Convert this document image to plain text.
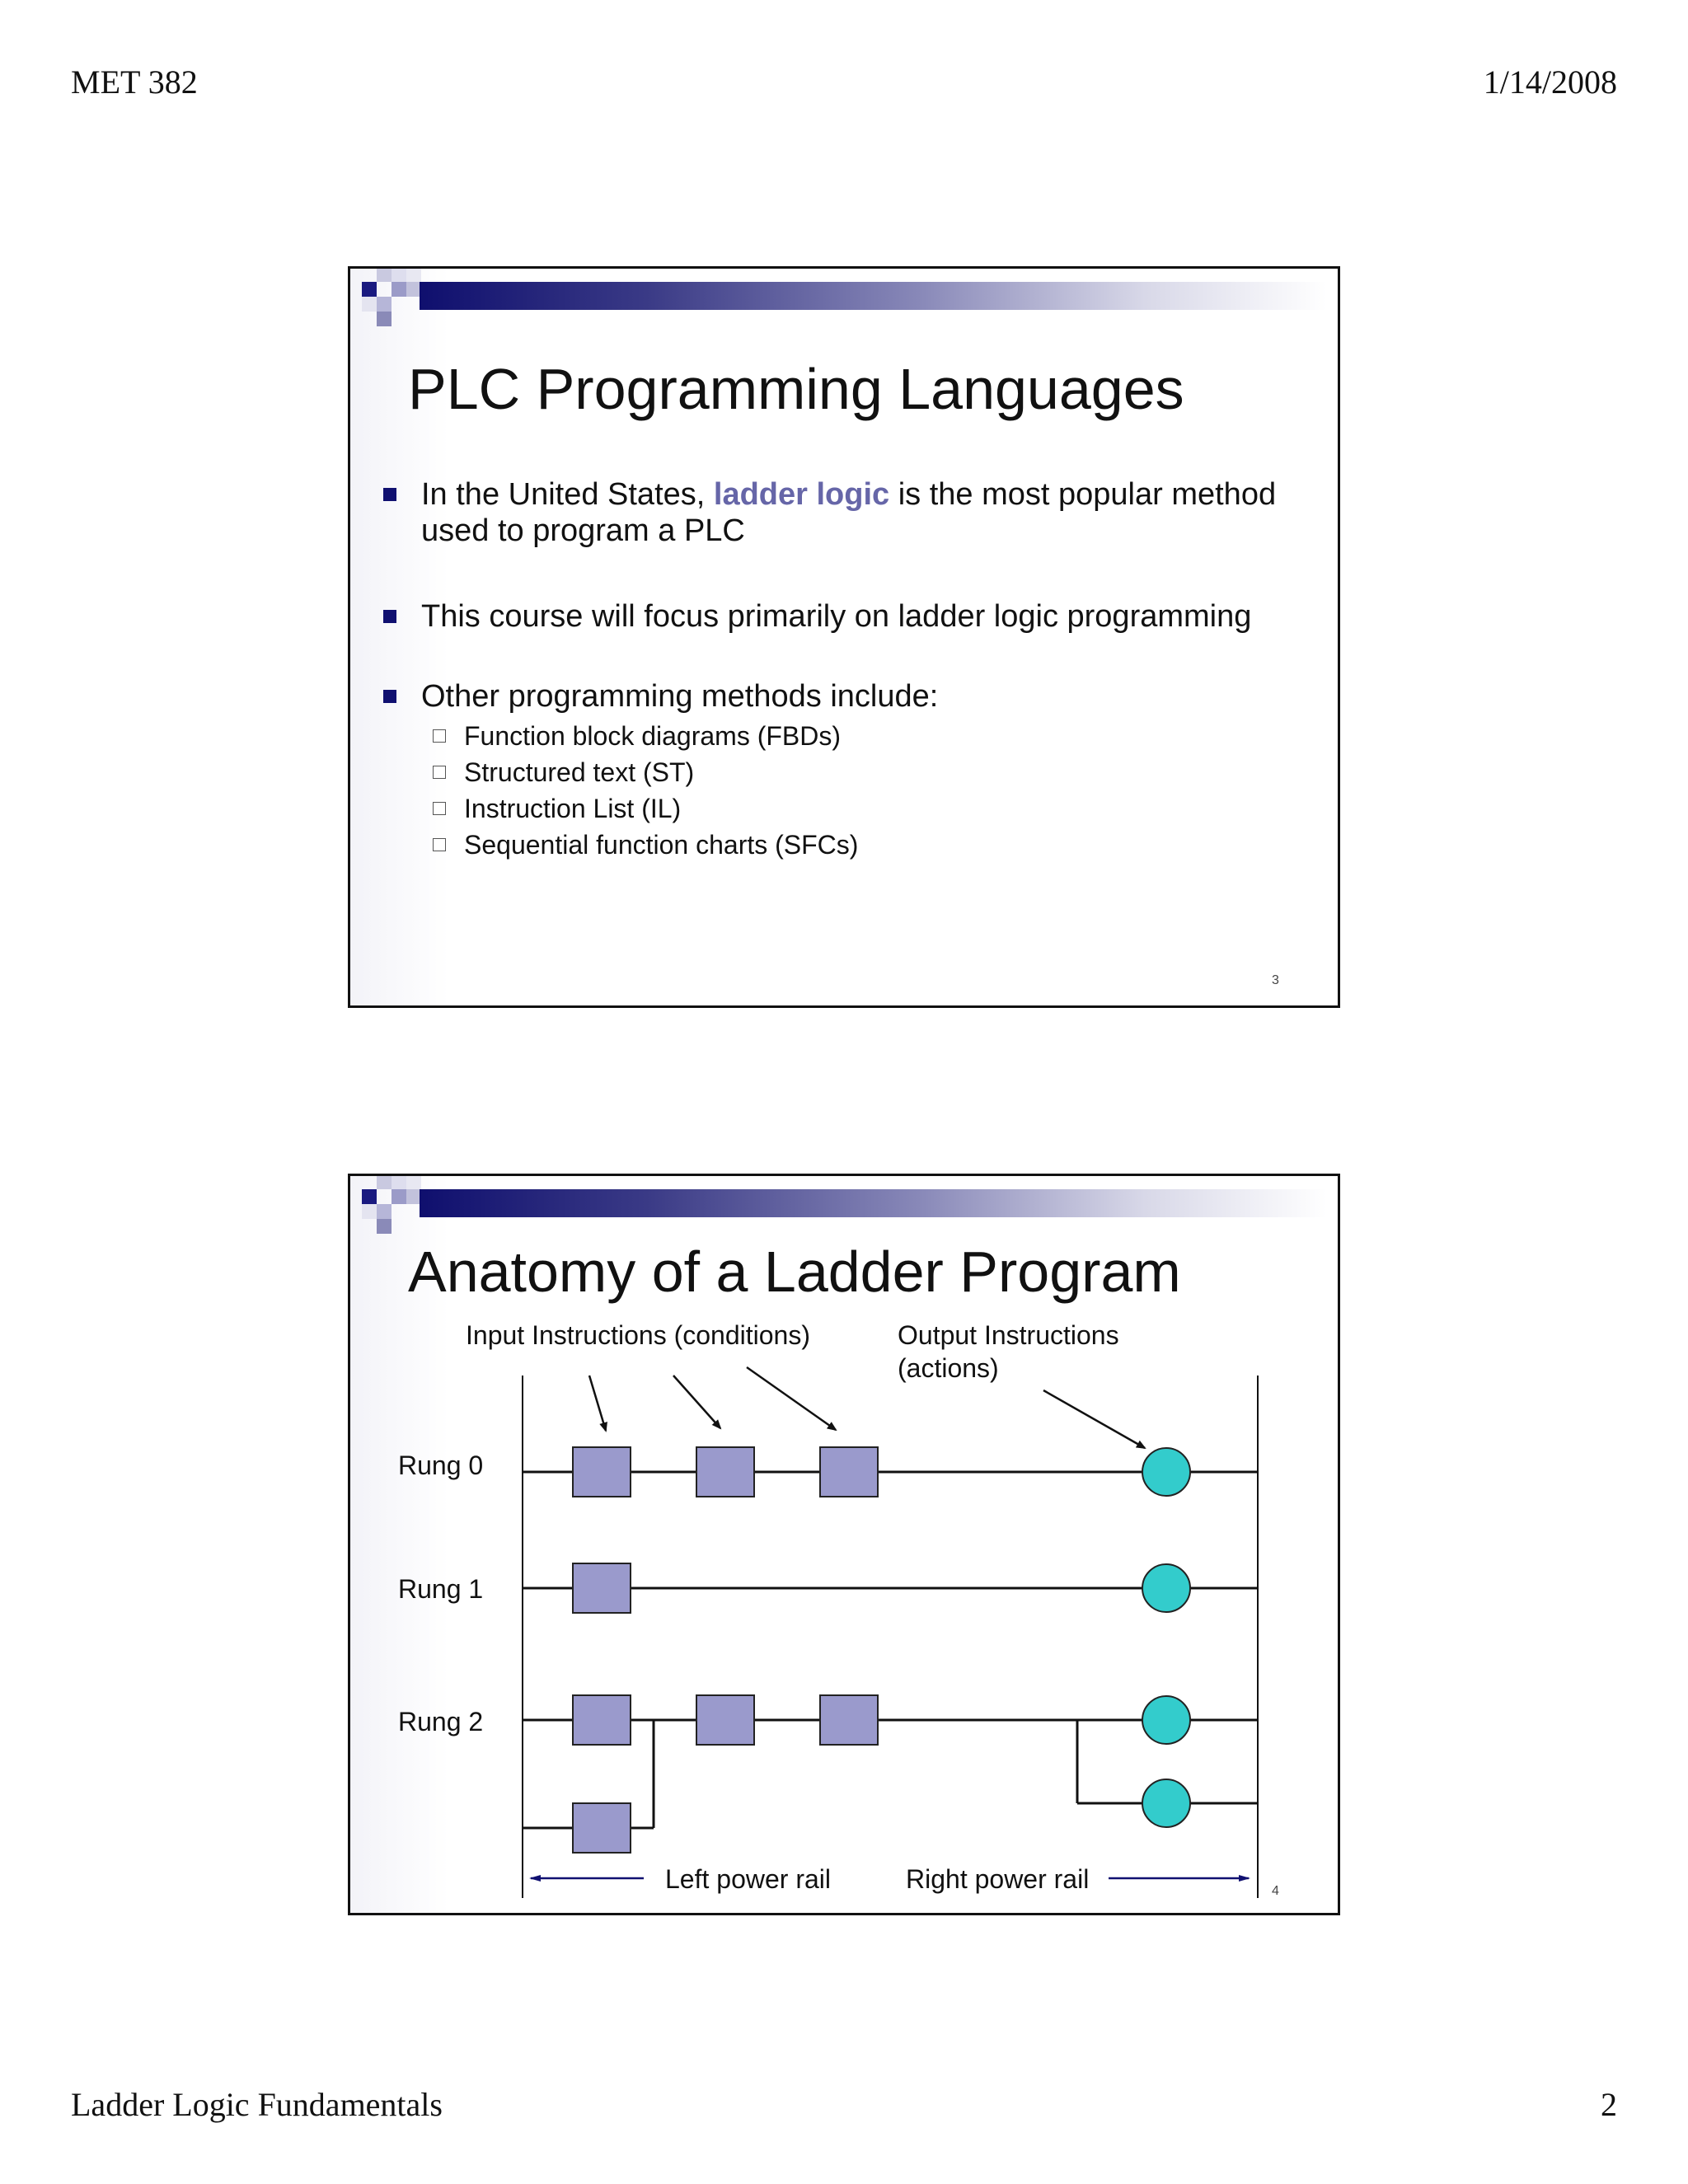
MET 382	1/14/2008
Ladder Logic Fundamentals	2
PLC Programming Languages
In the United States, ladder logic is the most popular method used to program a PLC
This course will focus primarily on ladder logic programming
Other programming methods include:
Function block diagrams (FBDs)
Structured text (ST)
Instruction List (IL)
Sequential function charts (SFCs)
3
Anatomy of a Ladder Program
Input Instructions (conditions)	Output Instructions
(actions)
Rung 0
Rung 1
Rung 2
Left power rail	Right power rail	4
